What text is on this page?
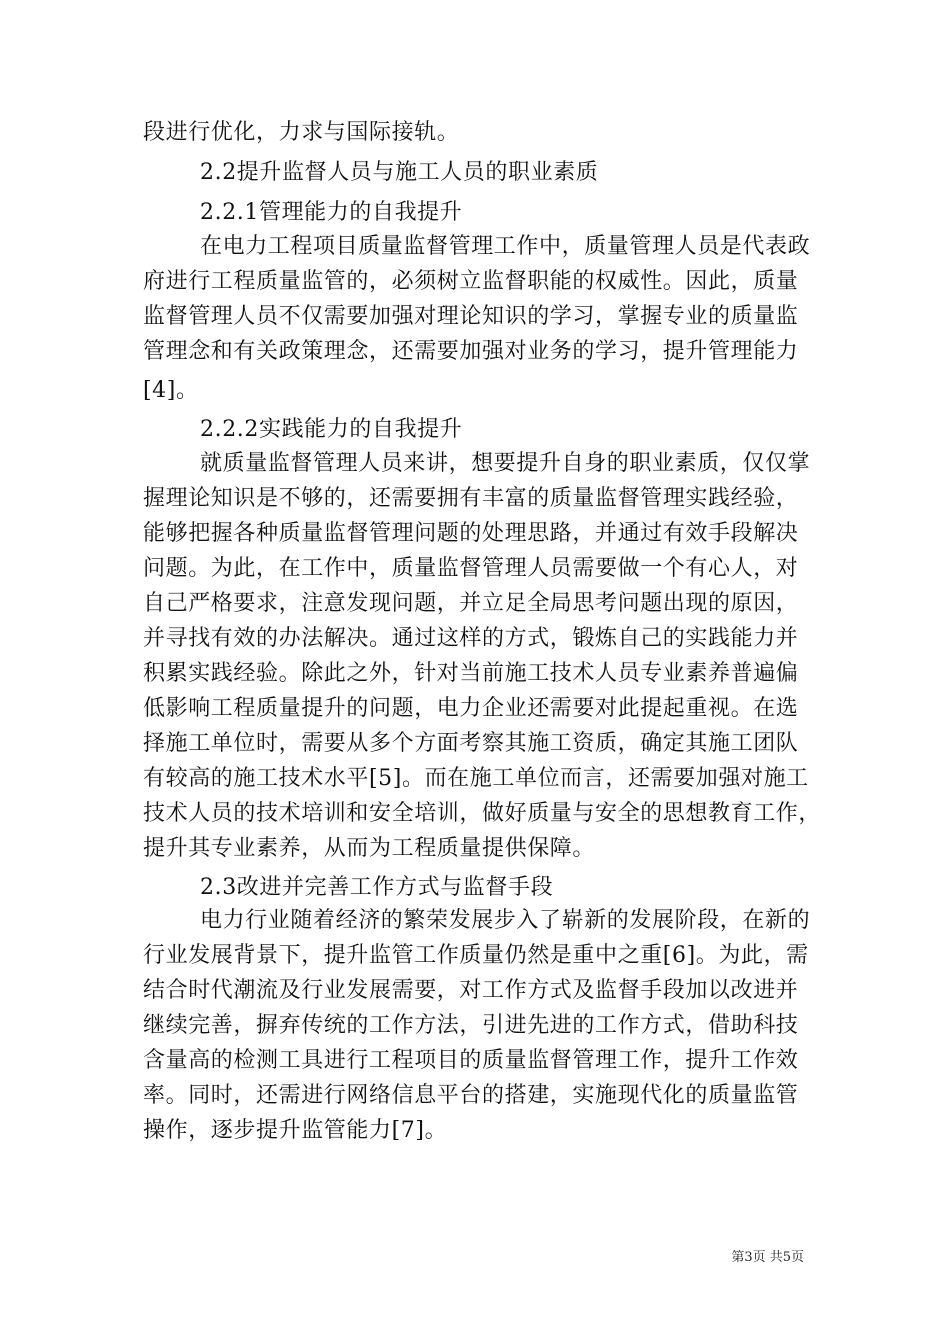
段进行优化，力求与国际接轨。
2.2提升监督人员与施工人员的职业素质
2.2.1管理能力的自我提升
在电力工程项目质量监督管理工作中，质量管理人员是代表政
府进行工程质量监管的，必须树立监督职能的权威性。因此，质量
监督管理人员不仅需要加强对理论知识的学习，掌握专业的质量监
管理念和有关政策理念，还需要加强对业务的学习，提升管理能力
[4]。
2.2.2实践能力的自我提升
就质量监督管理人员来讲，想要提升自身的职业素质，仅仅掌
握理论知识是不够的，还需要拥有丰富的质量监督管理实践经验，
能够把握各种质量监督管理问题的处理思路，并通过有效手段解决
问题。为此，在工作中，质量监督管理人员需要做一个有心人，对
自己严格要求，注意发现问题，并立足全局思考问题出现的原因，
并寻找有效的办法解决。通过这样的方式，锻炼自己的实践能力并
积累实践经验。除此之外，针对当前施工技术人员专业素养普遍偏
低影响工程质量提升的问题，电力企业还需要对此提起重视。在选
择施工单位时，需要从多个方面考察其施工资质，确定其施工团队
有较高的施工技术水平[5]。而在施工单位而言，还需要加强对施工
技术人员的技术培训和安全培训，做好质量与安全的思想教育工作，
提升其专业素养，从而为工程质量提供保障。
2.3改进并完善工作方式与监督手段
电力行业随着经济的繁荣发展步入了崭新的发展阶段，在新的
行业发展背景下，提升监管工作质量仍然是重中之重[6]。为此，需
结合时代潮流及行业发展需要，对工作方式及监督手段加以改进并
继续完善，摒弃传统的工作方法，引进先进的工作方式，借助科技
含量高的检测工具进行工程项目的质量监督管理工作，提升工作效
率。同时，还需进行网络信息平台的搭建，实施现代化的质量监管
操作，逐步提升监管能力[7]。
第3页 共5页
